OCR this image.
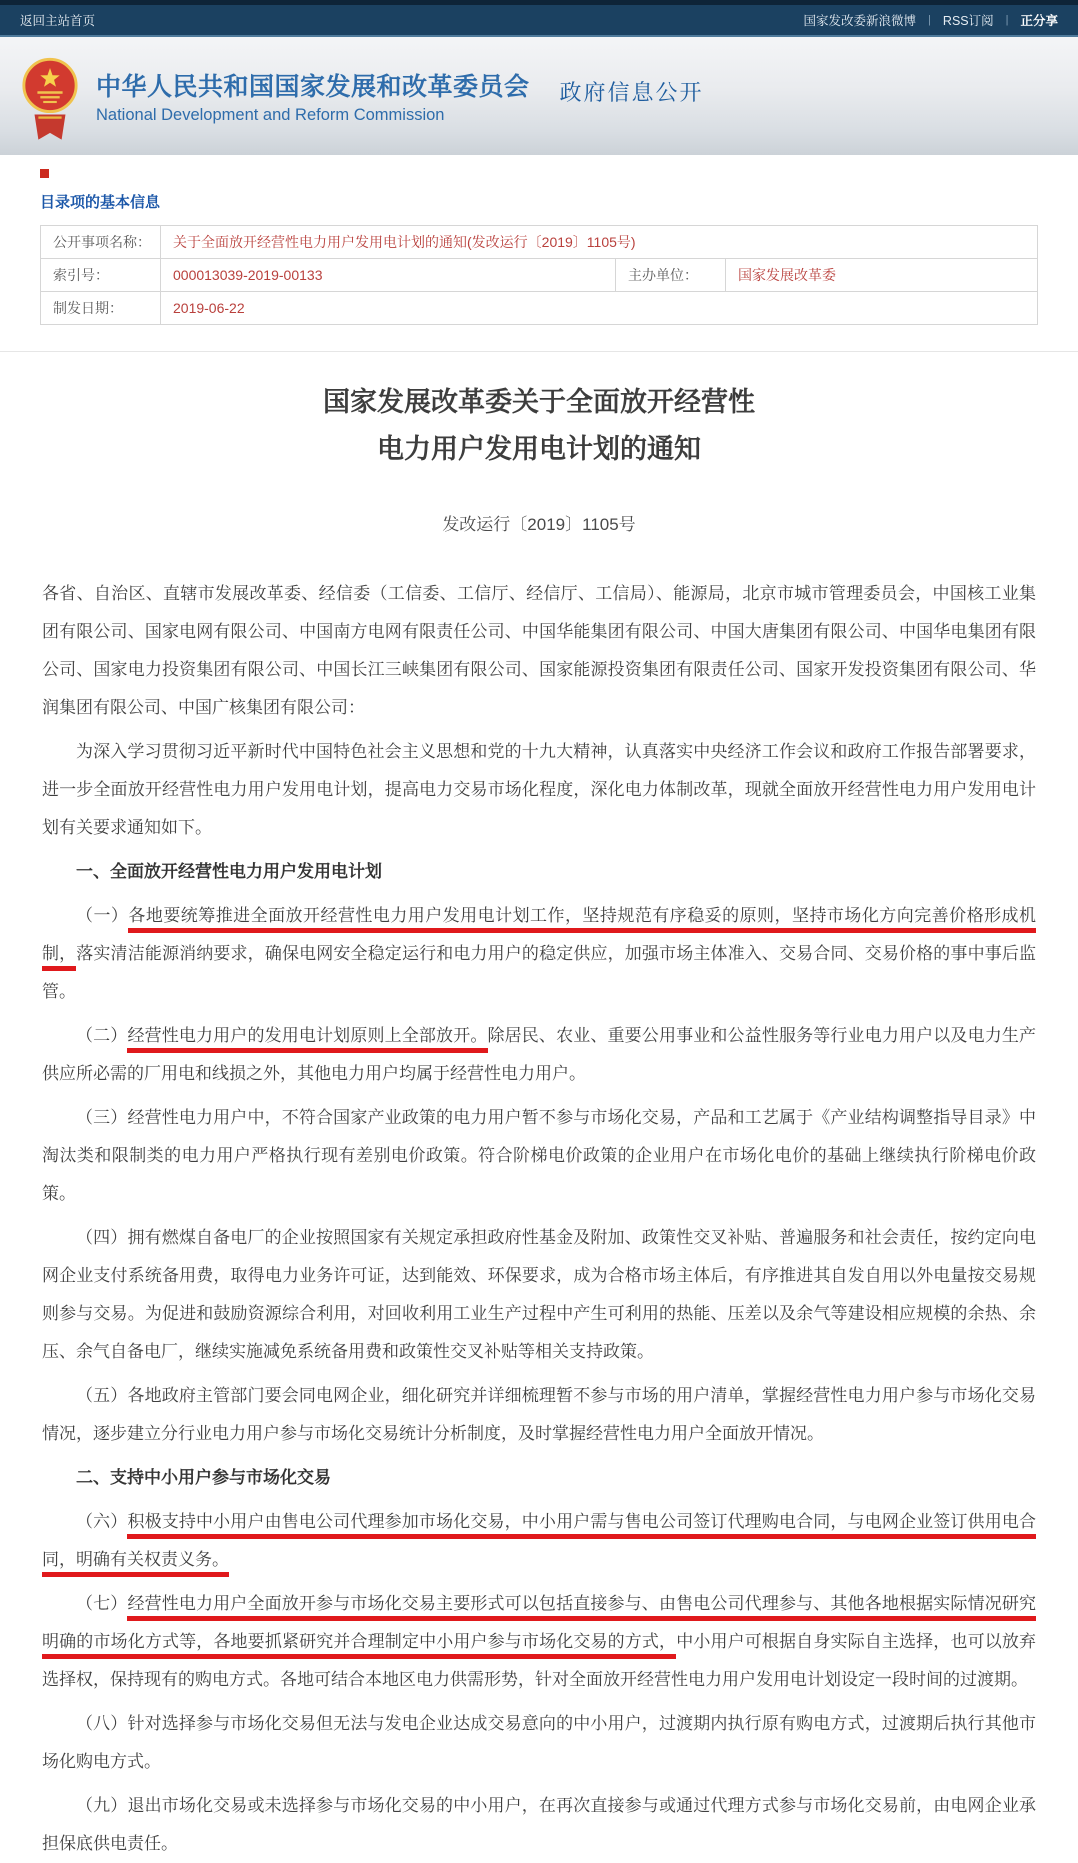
返回主站首页	国家发改委新浪微博 | RSS订阅 | 正分享
中华人民共和国国家发展和改革委员会
National Development and Reform Commission
政府信息公开
目录项的基本信息
公开事项名称：	关于全面放开经营性电力用户发用电计划的通知(发改运行〔2019〕1105号)		
索引号：	000013039-2019-00133	主办单位：	国家发展改革委
制发日期：	2019-06-22		
国家发展改革委关于全面放开经营性
电力用户发用电计划的通知
发改运行〔2019〕1105号

各省、自治区、直辖市发展改革委、经信委（工信委、工信厅、经信厅、工信局）、能源局，北京市城市管理委员会，中国核工业集团有限公司、国家电网有限公司、中国南方电网有限责任公司、中国华能集团有限公司、中国大唐集团有限公司、中国华电集团有限公司、国家电力投资集团有限公司、中国长江三峡集团有限公司、国家能源投资集团有限责任公司、国家开发投资集团有限公司、华润集团有限公司、中国广核集团有限公司：

为深入学习贯彻习近平新时代中国特色社会主义思想和党的十九大精神，认真落实中央经济工作会议和政府工作报告部署要求，进一步全面放开经营性电力用户发用电计划，提高电力交易市场化程度，深化电力体制改革，现就全面放开经营性电力用户发用电计划有关要求通知如下。

一、全面放开经营性电力用户发用电计划

（一）各地要统筹推进全面放开经营性电力用户发用电计划工作，坚持规范有序稳妥的原则，坚持市场化方向完善价格形成机制，落实清洁能源消纳要求，确保电网安全稳定运行和电力用户的稳定供应，加强市场主体准入、交易合同、交易价格的事中事后监管。

（二）经营性电力用户的发用电计划原则上全部放开。除居民、农业、重要公用事业和公益性服务等行业电力用户以及电力生产供应所必需的厂用电和线损之外，其他电力用户均属于经营性电力用户。

（三）经营性电力用户中，不符合国家产业政策的电力用户暂不参与市场化交易，产品和工艺属于《产业结构调整指导目录》中淘汰类和限制类的电力用户严格执行现有差别电价政策。符合阶梯电价政策的企业用户在市场化电价的基础上继续执行阶梯电价政策。

（四）拥有燃煤自备电厂的企业按照国家有关规定承担政府性基金及附加、政策性交叉补贴、普遍服务和社会责任，按约定向电网企业支付系统备用费，取得电力业务许可证，达到能效、环保要求，成为合格市场主体后，有序推进其自发自用以外电量按交易规则参与交易。为促进和鼓励资源综合利用，对回收利用工业生产过程中产生可利用的热能、压差以及余气等建设相应规模的余热、余压、余气自备电厂，继续实施减免系统备用费和政策性交叉补贴等相关支持政策。

（五）各地政府主管部门要会同电网企业，细化研究并详细梳理暂不参与市场的用户清单，掌握经营性电力用户参与市场化交易情况，逐步建立分行业电力用户参与市场化交易统计分析制度，及时掌握经营性电力用户全面放开情况。

二、支持中小用户参与市场化交易

（六）积极支持中小用户由售电公司代理参加市场化交易，中小用户需与售电公司签订代理购电合同，与电网企业签订供用电合同，明确有关权责义务。

（七）经营性电力用户全面放开参与市场化交易主要形式可以包括直接参与、由售电公司代理参与、其他各地根据实际情况研究明确的市场化方式等，各地要抓紧研究并合理制定中小用户参与市场化交易的方式，中小用户可根据自身实际自主选择，也可以放弃选择权，保持现有的购电方式。各地可结合本地区电力供需形势，针对全面放开经营性电力用户发用电计划设定一段时间的过渡期。

（八）针对选择参与市场化交易但无法与发电企业达成交易意向的中小用户，过渡期内执行原有购电方式，过渡期后执行其他市场化购电方式。

（九）退出市场化交易或未选择参与市场化交易的中小用户，在再次直接参与或通过代理方式参与市场化交易前，由电网企业承担保底供电责任。
